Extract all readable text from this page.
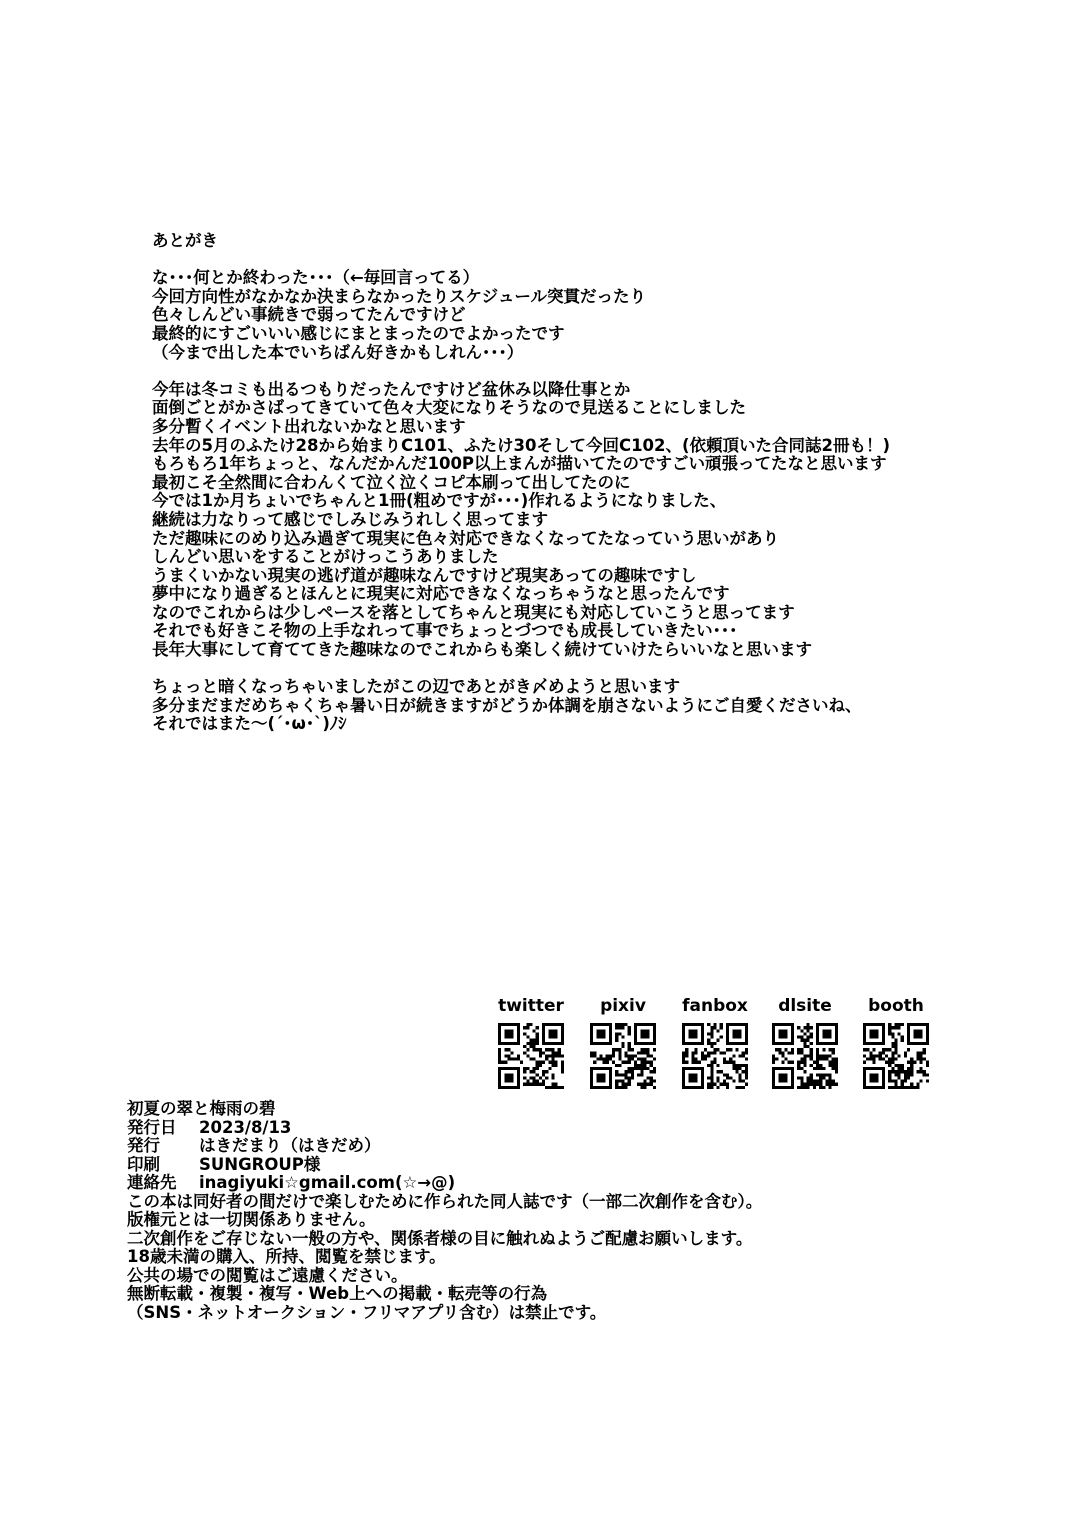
あとがき
な･･･何とか終わった･･･（←毎回言ってる）
今回方向性がなかなか決まらなかったりスケジュール突貫だったり
色々しんどい事続きで弱ってたんですけど
最終的にすごいいい感じにまとまったのでよかったです
（今まで出した本でいちばん好きかもしれん･･･）
今年は冬コミも出るつもりだったんですけど盆休み以降仕事とか
面倒ごとがかさばってきていて色々大変になりそうなので見送ることにしました
多分暫くイベント出れないかなと思います
去年の5月のふたけ28から始まりC101、ふたけ30そして今回C102、(依頼頂いた合同誌2冊も！)
もろもろ1年ちょっと、なんだかんだ100P以上まんが描いてたのですごい頑張ってたなと思います
最初こそ全然間に合わんくて泣く泣くコピ本刷って出してたのに
今では1か月ちょいでちゃんと1冊(粗めですが･･･)作れるようになりました、
継続は力なりって感じでしみじみうれしく思ってます
ただ趣味にのめり込み過ぎて現実に色々対応できなくなってたなっていう思いがあり
しんどい思いをすることがけっこうありました
うまくいかない現実の逃げ道が趣味なんですけど現実あっての趣味ですし
夢中になり過ぎるとほんとに現実に対応できなくなっちゃうなと思ったんです
なのでこれからは少しペースを落としてちゃんと現実にも対応していこうと思ってます
それでも好きこそ物の上手なれって事でちょっとづつでも成長していきたい･･･
長年大事にして育ててきた趣味なのでこれからも楽しく続けていけたらいいなと思います
ちょっと暗くなっちゃいましたがこの辺であとがき〆めようと思います
多分まだまだめちゃくちゃ暑い日が続きますがどうか体調を崩さないようにご自愛くださいね、
それではまた～(´･ω･`)ﾉｼ
twitter	pixiv	fanbox	dlsite	booth
初夏の翠と梅雨の碧
発行日	2023/8/13
発行	はきだまり（はきだめ）
印刷	SUNGROUP様
連絡先	inagiyuki☆gmail.com(☆→@)
この本は同好者の間だけで楽しむために作られた同人誌です（一部二次創作を含む）。
版権元とは一切関係ありません。
二次創作をご存じない一般の方や、関係者様の目に触れぬようご配慮お願いします。
18歳未満の購入、所持、閲覧を禁じます。
公共の場での閲覧はご遠慮ください。
無断転載・複製・複写・Web上への掲載・転売等の行為
（SNS・ネットオークション・フリマアプリ含む）は禁止です。
